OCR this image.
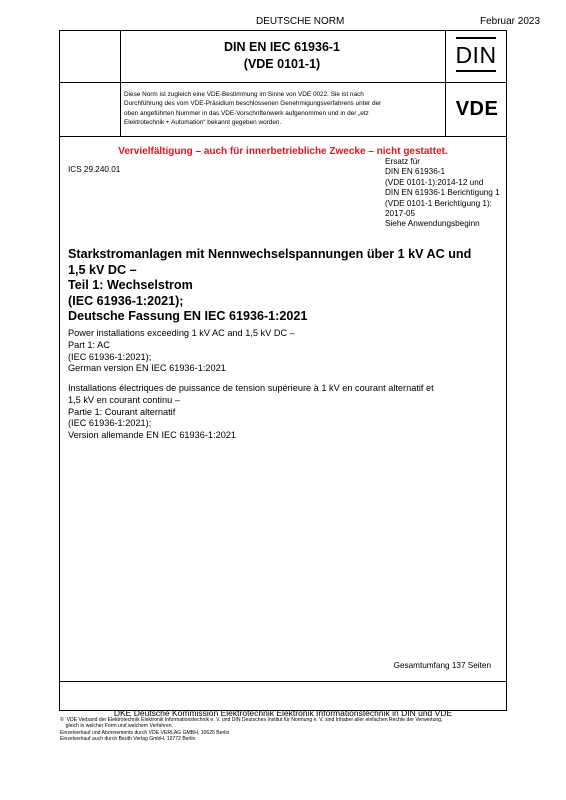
DEUTSCHE NORM	Februar 2023
DIN EN IEC 61936-1
(VDE 0101-1)	DIN
Diese Norm ist zugleich eine VDE-Bestimmung im Sinne von VDE 0022. Sie ist nach
Durchführung des vom VDE-Präsidium beschlossenen Genehmigungsverfahrens unter der
oben angeführten Nummer in das VDE-Vorschriftenwerk aufgenommen und in der „etz
Elektrotechnik + Automation“ bekannt gegeben worden.
VDE
Vervielfältigung – auch für innerbetriebliche Zwecke – nicht gestattet.
ICS 29.240.01
Ersatz für
DIN EN 61936-1
(VDE 0101-1):2014-12 und
DIN EN 61936-1 Berichtigung 1
(VDE 0101-1 Berichtigung 1):
2017-05
Siehe Anwendungsbeginn
Starkstromanlagen mit Nennwechselspannungen über 1 kV AC und
1,5 kV DC –
Teil 1: Wechselstrom
(IEC 61936-1:2021);
Deutsche Fassung EN IEC 61936-1:2021
Power installations exceeding 1 kV AC and 1,5 kV DC –
Part 1: AC
(IEC 61936-1:2021);
German version EN IEC 61936-1:2021
Installations électriques de puissance de tension supérieure à 1 kV en courant alternatif et
1,5 kV en courant continu –
Partie 1: Courant alternatif
(IEC 61936-1:2021);
Version allemande EN IEC 61936-1:2021
Gesamtumfang 137 Seiten
DKE Deutsche Kommission Elektrotechnik Elektronik Informationstechnik in DIN und VDE
©  VDE Verband der Elektrotechnik Elektronik Informationstechnik e. V. und DIN Deutsches Institut für Normung e. V. sind Inhaber aller einfachen Rechte der Verwertung,
gleich in welcher Form und welchem Verfahren.
Einzelverkauf und Abonnements durch VDE VERLAG GMBH, 10625 Berlin
Einzelverkauf auch durch Beuth Verlag GmbH, 10772 Berlin
